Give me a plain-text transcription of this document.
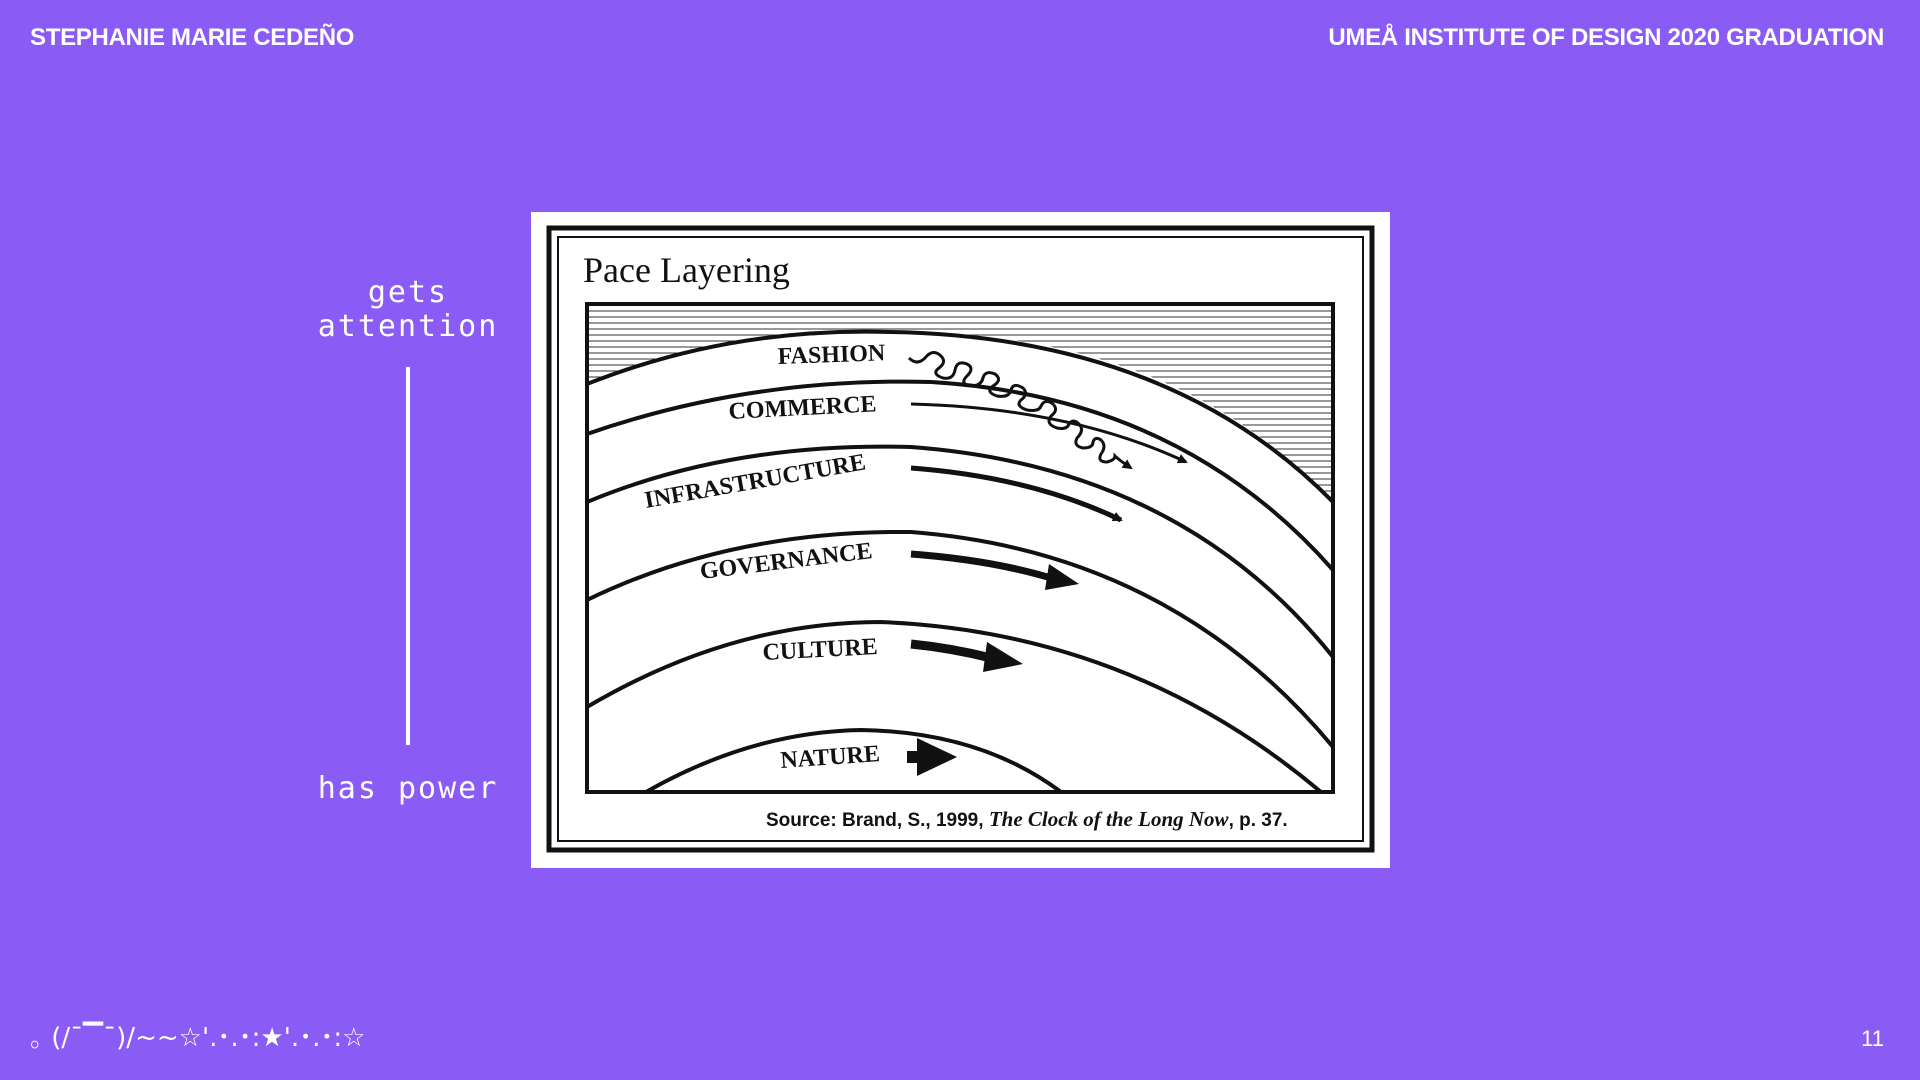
STEPHANIE MARIE CEDEÑO	UMEÅ INSTITUTE OF DESIGN 2020 GRADUATION
gets
attention
has power
Pace Layering
FASHION
COMMERCE
INFRASTRUCTURE
GOVERNANCE
CULTURE
NATURE
Source: Brand, S., 1999, The Clock of the Long Now, p. 37.
｡ (/¯▔¯)/~~☆'.･.･:★'.･.･:☆	11
